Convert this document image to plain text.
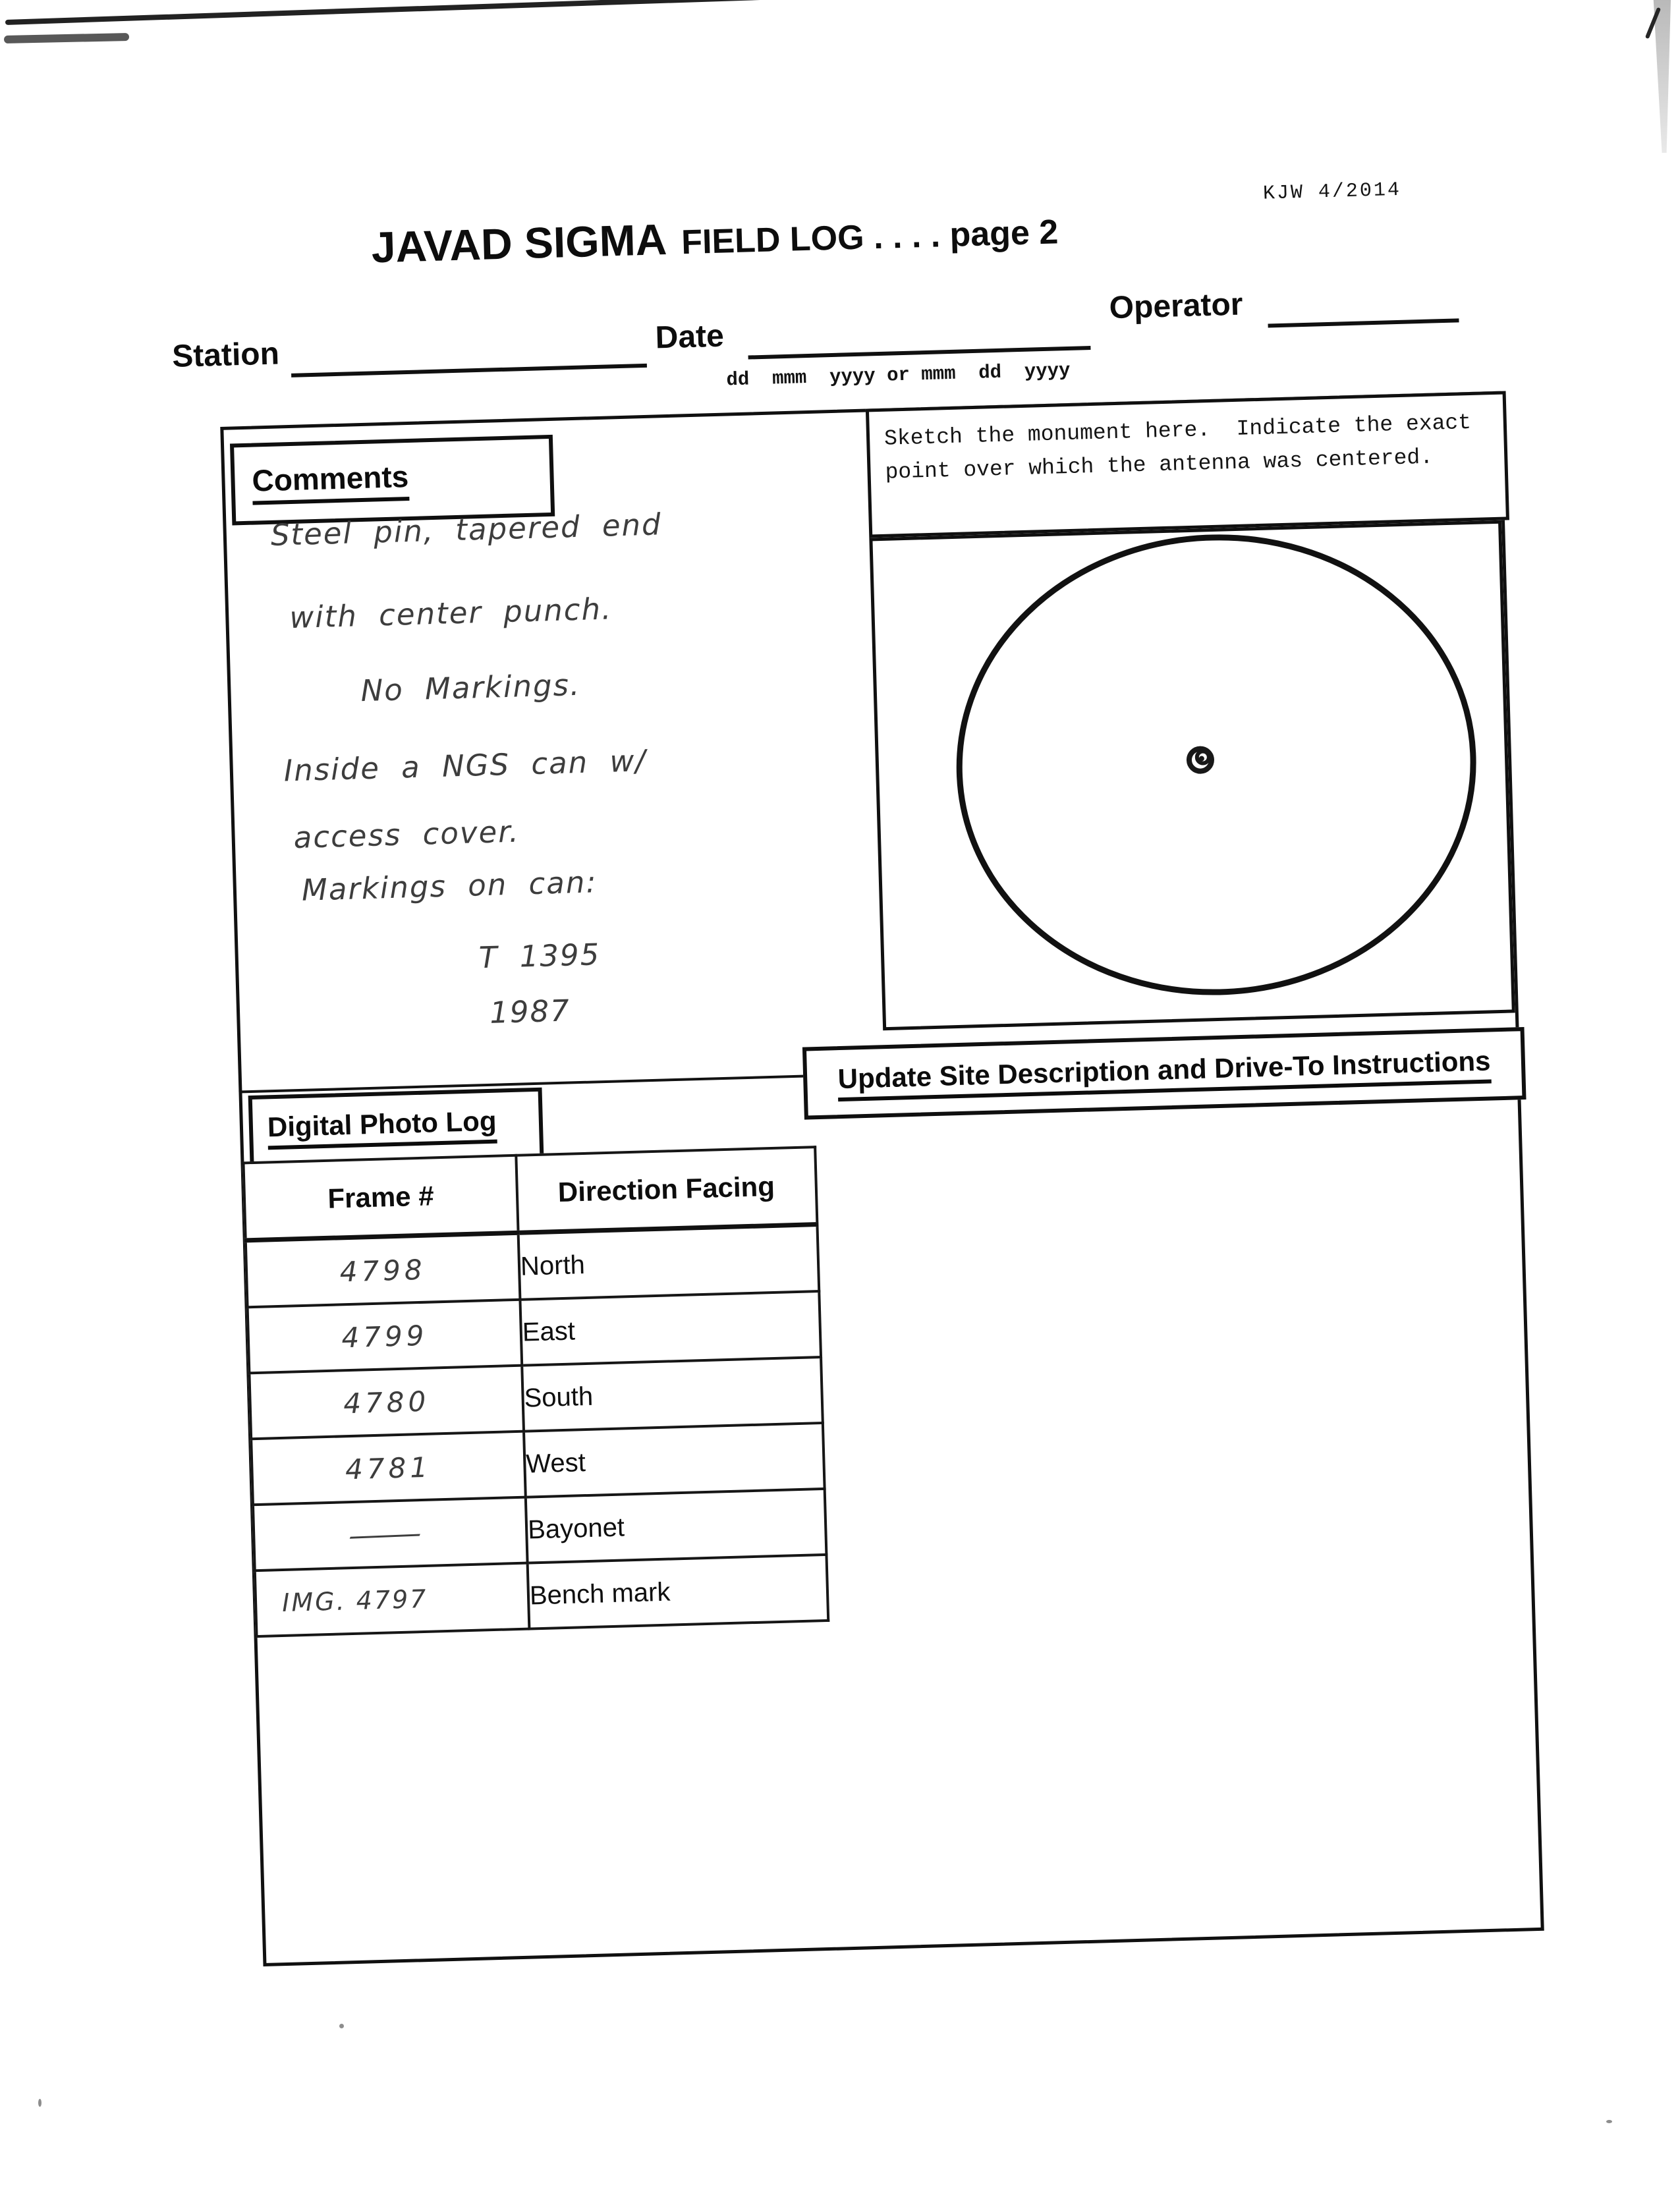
KJW 4/2014
JAVAD SIGMA FIELD LOG . . . . page 2
Station	Date
dd  mmm  yyyy or mmm  dd  yyyy
Operator
Comments
Steel pin, tapered end
with center punch.
No Markings.
Inside a NGS can w/
access cover.
Markings on can:
T 1395
1987
Sketch the monument here.  Indicate the exact point over which the antenna was centered.
Digital Photo Log
Update Site Description and Drive-To Instructions
Frame #	Direction Facing
4798	North
4799	East
4780	South
4781	West
—	Bayonet
IMG. 4797	Bench mark
